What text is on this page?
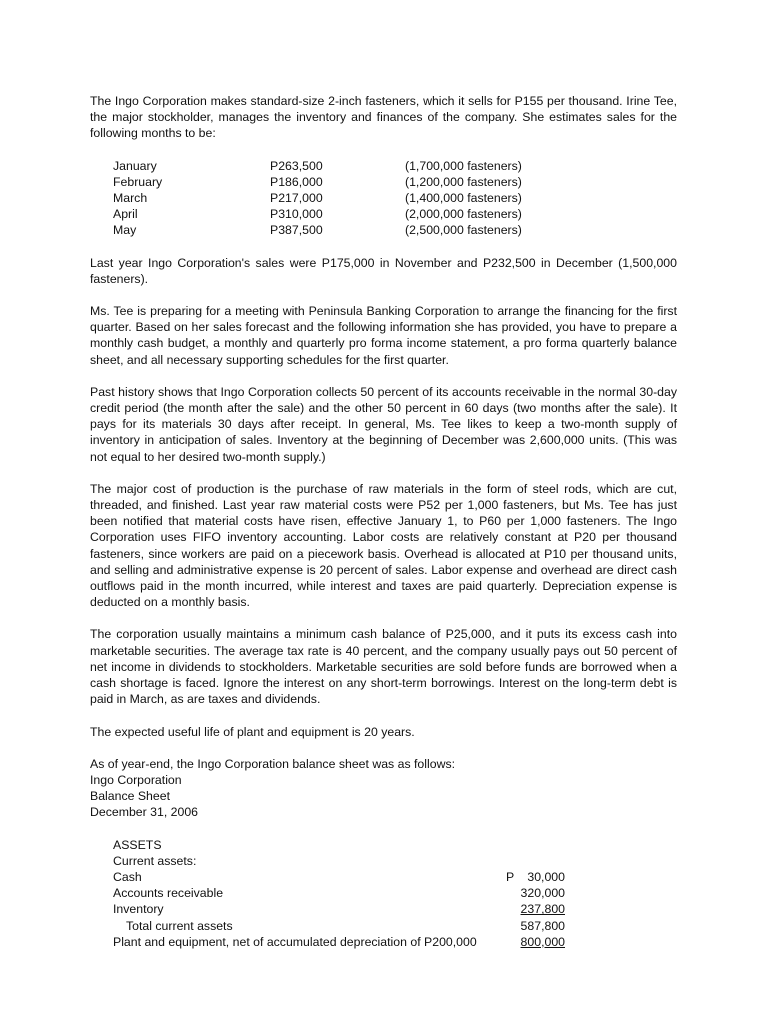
The Ingo Corporation makes standard-size 2-inch fasteners, which it sells for P155 per thousand. Irine Tee, the major stockholder, manages the inventory and finances of the company. She estimates sales for the following months to be:

January	P263,500	(1,700,000 fasteners)
February	P186,000	(1,200,000 fasteners)
March	P217,000	(1,400,000 fasteners)
April	P310,000	(2,000,000 fasteners)
May	P387,500	(2,500,000 fasteners)

Last year Ingo Corporation's sales were P175,000 in November and P232,500 in December (1,500,000 fasteners).

Ms. Tee is preparing for a meeting with Peninsula Banking Corporation to arrange the financing for the first quarter. Based on her sales forecast and the following information she has provided, you have to prepare a monthly cash budget, a monthly and quarterly pro forma income statement, a pro forma quarterly balance sheet, and all necessary supporting schedules for the first quarter.

Past history shows that Ingo Corporation collects 50 percent of its accounts receivable in the normal 30-day credit period (the month after the sale) and the other 50 percent in 60 days (two months after the sale). It pays for its materials 30 days after receipt. In general, Ms. Tee likes to keep a two-month supply of inventory in anticipation of sales. Inventory at the beginning of December was 2,600,000 units. (This was not equal to her desired two-month supply.)

The major cost of production is the purchase of raw materials in the form of steel rods, which are cut, threaded, and finished. Last year raw material costs were P52 per 1,000 fasteners, but Ms. Tee has just been notified that material costs have risen, effective January 1, to P60 per 1,000 fasteners. The Ingo Corporation uses FIFO inventory accounting. Labor costs are relatively constant at P20 per thousand fasteners, since workers are paid on a piecework basis. Overhead is allocated at P10 per thousand units, and selling and administrative expense is 20 percent of sales. Labor expense and overhead are direct cash outflows paid in the month incurred, while interest and taxes are paid quarterly. Depreciation expense is deducted on a monthly basis.

The corporation usually maintains a minimum cash balance of P25,000, and it puts its excess cash into marketable securities. The average tax rate is 40 percent, and the company usually pays out 50 percent of net income in dividends to stockholders. Marketable securities are sold before funds are borrowed when a cash shortage is faced. Ignore the interest on any short-term borrowings. Interest on the long-term debt is paid in March, as are taxes and dividends.

The expected useful life of plant and equipment is 20 years.

As of year-end, the Ingo Corporation balance sheet was as follows:
Ingo Corporation
Balance Sheet
December 31, 2006
ASSETS
Current assets:
Cash	P	30,000
Accounts receivable	320,000
Inventory	237,800
Total current assets	587,800
Plant and equipment, net of accumulated depreciation of P200,000	800,000
